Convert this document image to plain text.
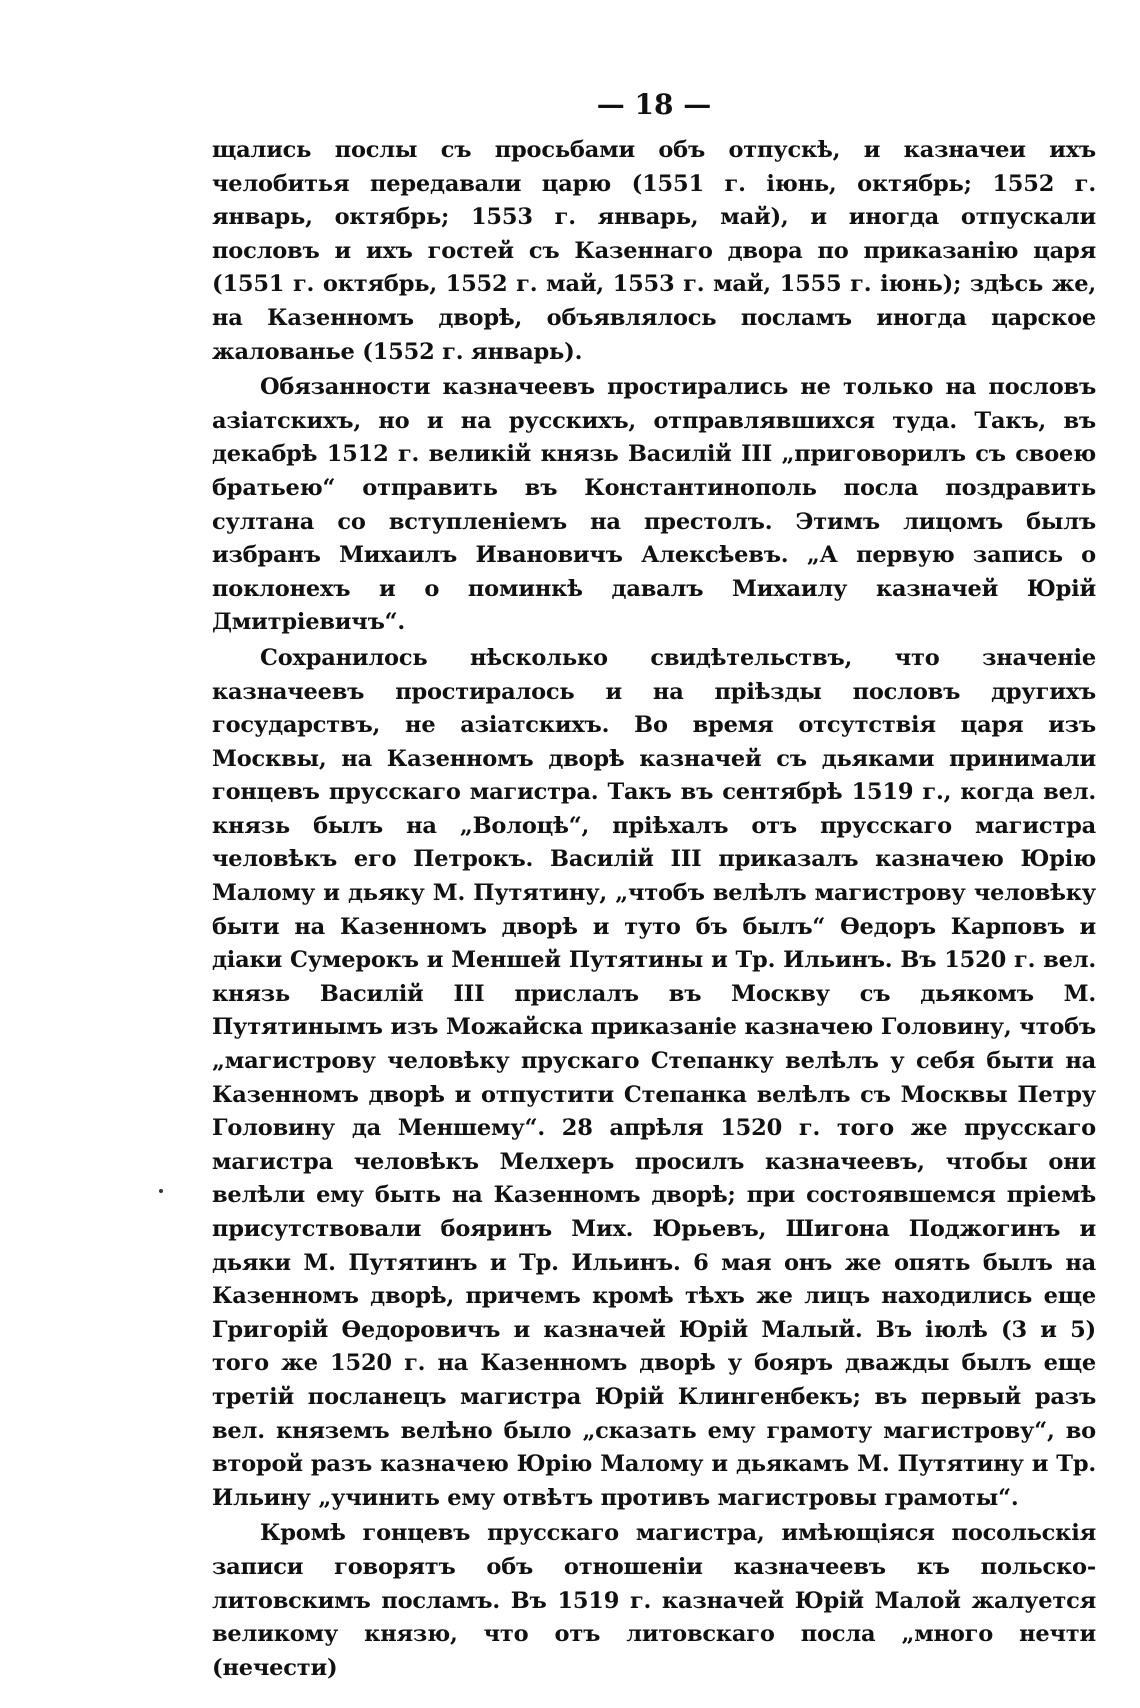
— 18 —

щались послы съ просьбами объ отпускѣ, и казначеи ихъ челобитья передавали царю (1551 г. іюнь, октябрь; 1552 г. январь, октябрь; 1553 г. январь, май), и иногда отпускали пословъ и ихъ гостей съ Казеннаго двора по приказанію царя (1551 г. октябрь, 1552 г. май, 1553 г. май, 1555 г. іюнь); здѣсь же, на Казенномъ дворѣ, объявлялось посламъ иногда царское жалованье (1552 г. январь).

Обязанности казначеевъ простирались не только на пословъ азіатскихъ, но и на русскихъ, отправлявшихся туда. Такъ, въ декабрѣ 1512 г. великій князь Василій III „приговорилъ съ своею братьею“ отправить въ Константинополь посла поздравить султана со вступленіемъ на престолъ. Этимъ лицомъ былъ избранъ Михаилъ Ивановичъ Алексѣевъ. „А первую запись о поклонехъ и о поминкѣ давалъ Михаилу казначей Юрій Дмитріевичъ“.

Сохранилось нѣсколько свидѣтельствъ, что значеніе казначеевъ простиралось и на пріѣзды пословъ другихъ государствъ, не азіатскихъ. Во время отсутствія царя изъ Москвы, на Казенномъ дворѣ казначей съ дьяками принимали гонцевъ прусскаго магистра. Такъ въ сентябрѣ 1519 г., когда вел. князь былъ на „Волоцѣ“, пріѣхалъ отъ прусскаго магистра человѣкъ его Петрокъ. Василій III приказалъ казначею Юрію Малому и дьяку М. Путятину, „чтобъ велѣлъ магистрову человѣку быти на Казенномъ дворѣ и туто бъ былъ“ Өедоръ Карповъ и діаки Сумерокъ и Меншей Путятины и Тр. Ильинъ. Въ 1520 г. вел. князь Василій III прислалъ въ Москву съ дьякомъ М. Путятинымъ изъ Можайска приказаніе казначею Головину, чтобъ „магистрову человѣку прускаго Степанку велѣлъ у себя быти на Казенномъ дворѣ и отпустити Степанка велѣлъ съ Москвы Петру Головину да Меншему“. 28 апрѣля 1520 г. того же прусскаго магистра человѣкъ Мелхеръ просилъ казначеевъ, чтобы они велѣли ему быть на Казенномъ дворѣ; при состоявшемся пріемѣ присутствовали бояринъ Мих. Юрьевъ, Шигона Поджогинъ и дьяки М. Путятинъ и Тр. Ильинъ. 6 мая онъ же опять былъ на Казенномъ дворѣ, причемъ кромѣ тѣхъ же лицъ находились еще Григорій Өедоровичъ и казначей Юрій Малый. Въ іюлѣ (3 и 5) того же 1520 г. на Казенномъ дворѣ у бояръ дважды былъ еще третій посланецъ магистра Юрій Клингенбекъ; въ первый разъ вел. княземъ велѣно было „сказать ему грамоту магистрову“, во второй разъ казначею Юрію Малому и дьякамъ М. Путятину и Тр. Ильину „учинить ему отвѣтъ противъ магистровы грамоты“.

Кромѣ гонцевъ прусскаго магистра, имѣющіяся посольскія записи говорятъ объ отношеніи казначеевъ къ польско-литовскимъ посламъ. Въ 1519 г. казначей Юрій Малой жалуется великому князю, что отъ литовскаго посла „много нечти (нечести)
